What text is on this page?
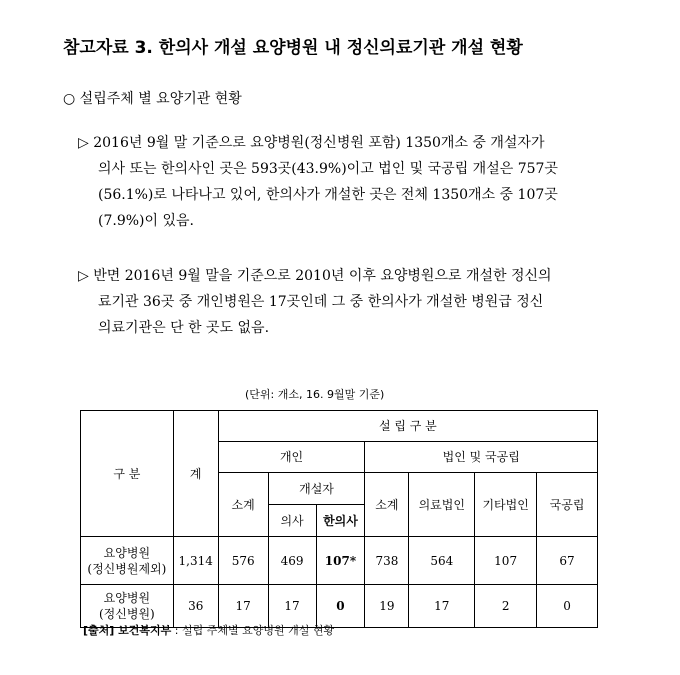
참고자료 3. 한의사 개설 요양병원 내 정신의료기관 개설 현황
○ 설립주체 별 요양기관 현황
▷ 2016년 9월 말 기준으로 요양병원(정신병원 포함) 1350개소 중 개설자가
의사 또는 한의사인 곳은 593곳(43.9%)이고 법인 및 국공립 개설은 757곳
(56.1%)로 나타나고 있어, 한의사가 개설한 곳은 전체 1350개소 중 107곳
(7.9%)이 있음.
▷ 반면 2016년 9월 말을 기준으로 2010년 이후 요양병원으로 개설한 정신의
료기관 36곳 중 개인병원은 17곳인데 그 중 한의사가 개설한 병원급 정신
의료기관은 단 한 곳도 없음.
(단위: 개소, 16. 9월말 기준)
구 분	계	설 립 구 분						
		개인			법인 및 국공립			
		소계	개설자		소계	의료법인	기타법인	국공립
			의사	한의사				
요양병원
(정신병원제외)	1,314	576	469	107*	738	564	107	67
요양병원
(정신병원)	36	17	17	0	19	17	2	0
[출처] 보건복지부 : 설립 주체별 요양병원 개설 현황
